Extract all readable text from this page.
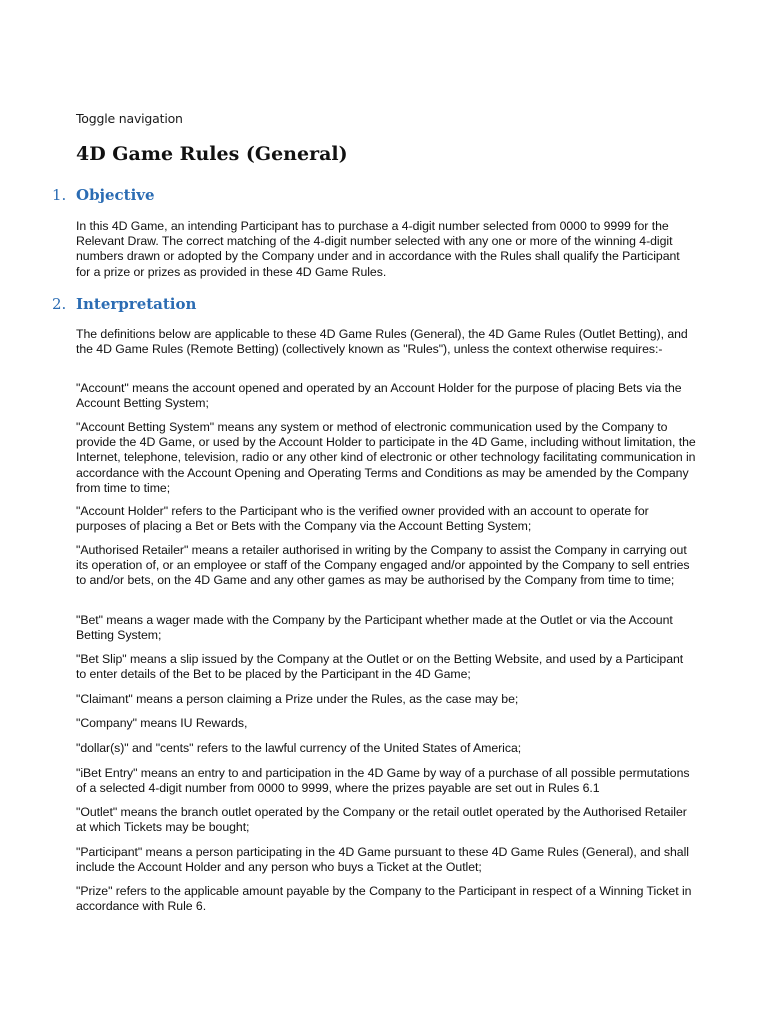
Toggle navigation
4D Game Rules (General)
1. Objective

In this 4D Game, an intending Participant has to purchase a 4-digit number selected from 0000 to 9999 for the Relevant Draw. The correct matching of the 4-digit number selected with any one or more of the winning 4-digit numbers drawn or adopted by the Company under and in accordance with the Rules shall qualify the Participant for a prize or prizes as provided in these 4D Game Rules.

2. Interpretation

The definitions below are applicable to these 4D Game Rules (General), the 4D Game Rules (Outlet Betting), and the 4D Game Rules (Remote Betting) (collectively known as "Rules"), unless the context otherwise requires:-

"Account" means the account opened and operated by an Account Holder for the purpose of placing Bets via the Account Betting System;

"Account Betting System" means any system or method of electronic communication used by the Company to provide the 4D Game, or used by the Account Holder to participate in the 4D Game, including without limitation, the Internet, telephone, television, radio or any other kind of electronic or other technology facilitating communication in accordance with the Account Opening and Operating Terms and Conditions as may be amended by the Company from time to time;

"Account Holder" refers to the Participant who is the verified owner provided with an account to operate for purposes of placing a Bet or Bets with the Company via the Account Betting System;

"Authorised Retailer" means a retailer authorised in writing by the Company to assist the Company in carrying out its operation of, or an employee or staff of the Company engaged and/or appointed by the Company to sell entries to and/or bets, on the 4D Game and any other games as may be authorised by the Company from time to time;

"Bet" means a wager made with the Company by the Participant whether made at the Outlet or via the Account Betting System;

"Bet Slip" means a slip issued by the Company at the Outlet or on the Betting Website, and used by a Participant to enter details of the Bet to be placed by the Participant in the 4D Game;

"Claimant" means a person claiming a Prize under the Rules, as the case may be;

"Company" means IU Rewards,

"dollar(s)" and "cents" refers to the lawful currency of the United States of America;

"iBet Entry" means an entry to and participation in the 4D Game by way of a purchase of all possible permutations of a selected 4-digit number from 0000 to 9999, where the prizes payable are set out in Rules 6.1

"Outlet" means the branch outlet operated by the Company or the retail outlet operated by the Authorised Retailer at which Tickets may be bought;

"Participant" means a person participating in the 4D Game pursuant to these 4D Game Rules (General), and shall include the Account Holder and any person who buys a Ticket at the Outlet;

"Prize" refers to the applicable amount payable by the Company to the Participant in respect of a Winning Ticket in accordance with Rule 6.
